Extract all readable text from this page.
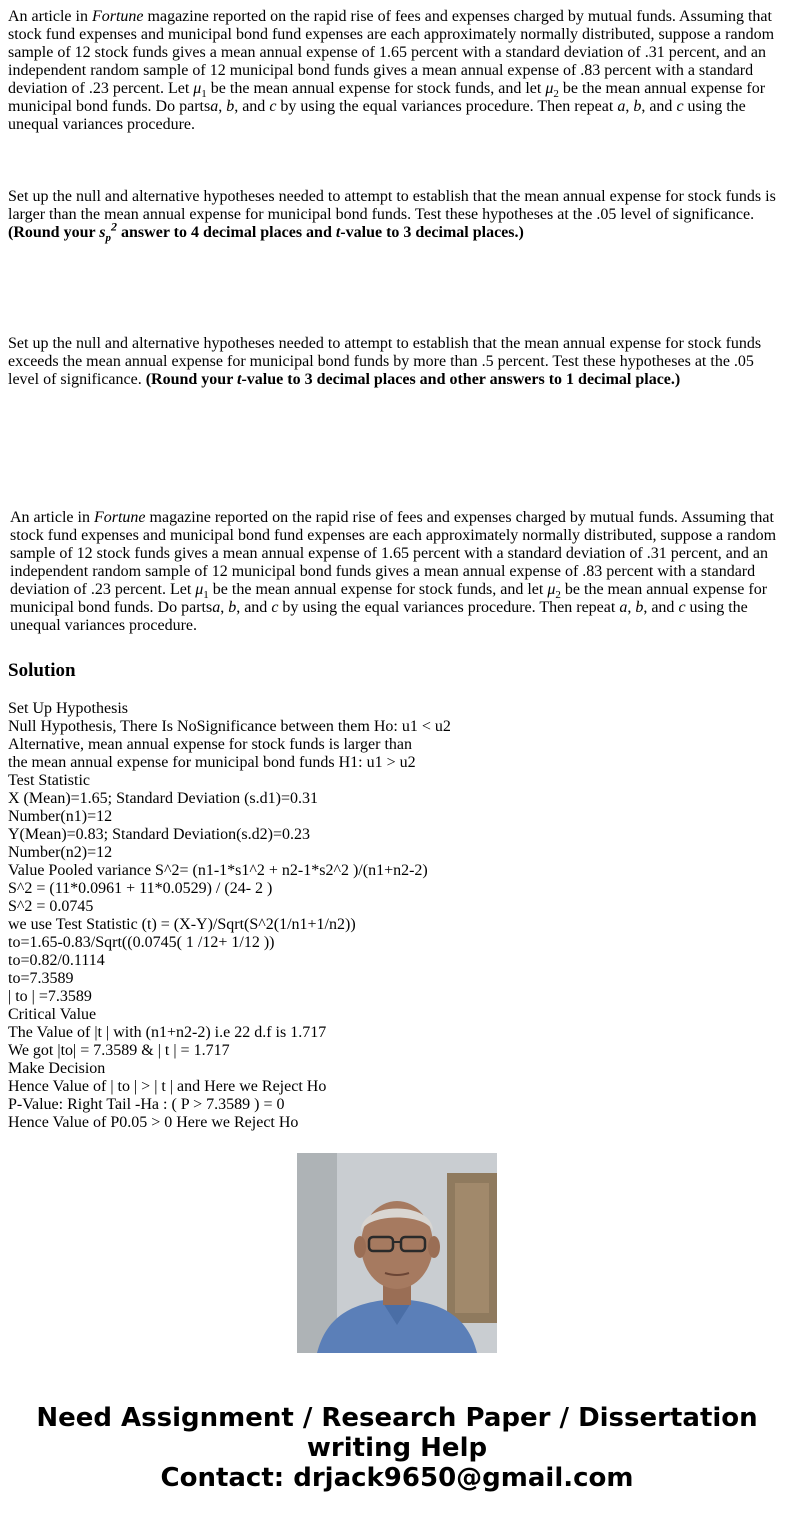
An article in Fortune magazine reported on the rapid rise of fees and expenses charged by mutual funds. Assuming that stock fund expenses and municipal bond fund expenses are each approximately normally distributed, suppose a random sample of 12 stock funds gives a mean annual expense of 1.65 percent with a standard deviation of .31 percent, and an independent random sample of 12 municipal bond funds gives a mean annual expense of .83 percent with a standard deviation of .23 percent. Let $\mu_1$ be the mean annual expense for stock funds, and let $\mu_2$ be the mean annual expense for municipal bond funds. Do partsa, b, and c by using the equal variances procedure. Then repeat a, b, and c using the unequal variances procedure.

Set up the null and alternative hypotheses needed to attempt to establish that the mean annual expense for stock funds is larger than the mean annual expense for municipal bond funds. Test these hypotheses at the .05 level of significance.
(Round your $s_p^2$ answer to 4 decimal places and t-value to 3 decimal places.)

Set up the null and alternative hypotheses needed to attempt to establish that the mean annual expense for stock funds exceeds the mean annual expense for municipal bond funds by more than .5 percent. Test these hypotheses at the .05 level of significance. (Round your t-value to 3 decimal places and other answers to 1 decimal place.)

An article in Fortune magazine reported on the rapid rise of fees and expenses charged by mutual funds. Assuming that stock fund expenses and municipal bond fund expenses are each approximately normally distributed, suppose a random sample of 12 stock funds gives a mean annual expense of 1.65 percent with a standard deviation of .31 percent, and an independent random sample of 12 municipal bond funds gives a mean annual expense of .83 percent with a standard deviation of .23 percent. Let $\mu_1$ be the mean annual expense for stock funds, and let $\mu_2$ be the mean annual expense for municipal bond funds. Do partsa, b, and c by using the equal variances procedure. Then repeat a, b, and c using the unequal variances procedure.

Solution
Set Up Hypothesis
Null Hypothesis, There Is NoSignificance between them Ho: u1 < u2
Alternative, mean annual expense for stock funds is larger than
the mean annual expense for municipal bond funds H1: u1 > u2
Test Statistic
X (Mean)=1.65; Standard Deviation (s.d1)=0.31
Number(n1)=12
Y(Mean)=0.83; Standard Deviation(s.d2)=0.23
Number(n2)=12
Value Pooled variance S^2= (n1-1*s1^2 + n2-1*s2^2 )/(n1+n2-2)
S^2 = (11*0.0961 + 11*0.0529) / (24- 2 )
S^2 = 0.0745
we use Test Statistic (t) = (X-Y)/Sqrt(S^2(1/n1+1/n2))
to=1.65-0.83/Sqrt((0.0745( 1 /12+ 1/12 ))
to=0.82/0.1114
to=7.3589
| to | =7.3589
Critical Value
The Value of |t | with (n1+n2-2) i.e 22 d.f is 1.717
We got |to| = 7.3589 & | t | = 1.717
Make Decision
Hence Value of | to | > | t | and Here we Reject Ho
P-Value: Right Tail -Ha : ( P > 7.3589 ) = 0
Hence Value of P0.05 > 0 Here we Reject Ho
Need Assignment / Research Paper / Dissertation
writing Help
Contact: drjack9650@gmail.com
